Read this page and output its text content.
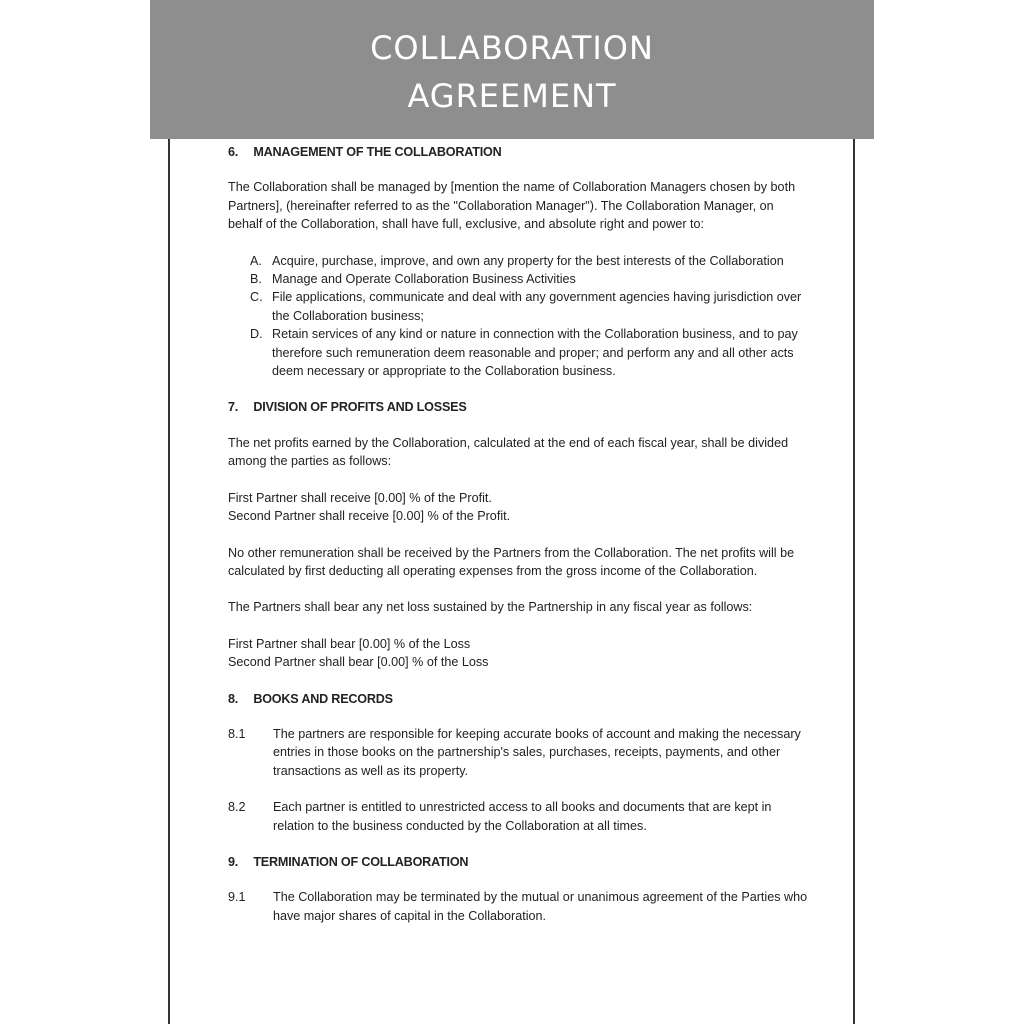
COLLABORATION
AGREEMENT
6. MANAGEMENT OF THE COLLABORATION
The Collaboration shall be managed by [mention the name of Collaboration Managers chosen by both Partners], (hereinafter referred to as the "Collaboration Manager"). The Collaboration Manager, on behalf of the Collaboration, shall have full, exclusive, and absolute right and power to:
A. Acquire, purchase, improve, and own any property for the best interests of the Collaboration
B. Manage and Operate Collaboration Business Activities
C. File applications, communicate and deal with any government agencies having jurisdiction over the Collaboration business;
D. Retain services of any kind or nature in connection with the Collaboration business, and to pay therefore such remuneration deem reasonable and proper; and perform any and all other acts deem necessary or appropriate to the Collaboration business.
7. DIVISION OF PROFITS AND LOSSES
The net profits earned by the Collaboration, calculated at the end of each fiscal year, shall be divided among the parties as follows:
First Partner shall receive [0.00] % of the Profit.
Second Partner shall receive [0.00] % of the Profit.
No other remuneration shall be received by the Partners from the Collaboration. The net profits will be calculated by first deducting all operating expenses from the gross income of the Collaboration.
The Partners shall bear any net loss sustained by the Partnership in any fiscal year as follows:
First Partner shall bear [0.00] % of the Loss
Second Partner shall bear [0.00] % of the Loss
8. BOOKS AND RECORDS
8.1	The partners are responsible for keeping accurate books of account and making the necessary entries in those books on the partnership's sales, purchases, receipts, payments, and other transactions as well as its property.
8.2	Each partner is entitled to unrestricted access to all books and documents that are kept in relation to the business conducted by the Collaboration at all times.
9. TERMINATION OF COLLABORATION
9.1	The Collaboration may be terminated by the mutual or unanimous agreement of the Parties who have major shares of capital in the Collaboration.
